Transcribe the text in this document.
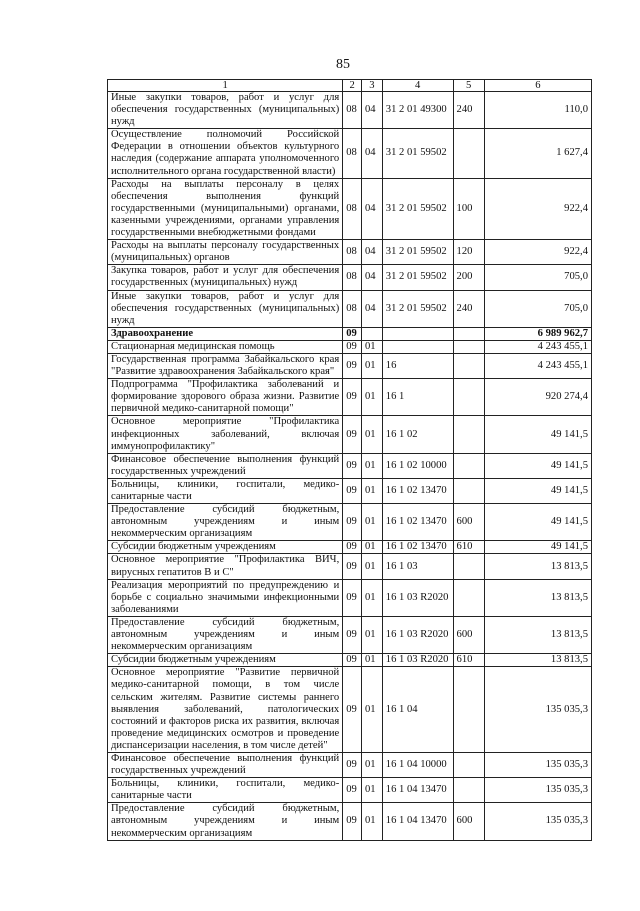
85
1	2	3	4	5	6
Иные закупки товаров, работ и услуг для обеспечения государственных (муниципальных) нужд	08	04	31 2 01 49300	240	110,0
Осуществление полномочий Российской Федерации в отношении объектов культурного наследия (содержание аппарата уполномоченного исполнительного органа государственной власти)	08	04	31 2 01 59502		1 627,4
Расходы на выплаты персоналу в целях обеспечения выполнения функций государственными (муниципальными) органами, казенными учреждениями, органами управления государственными внебюджетными фондами	08	04	31 2 01 59502	100	922,4
Расходы на выплаты персоналу государственных (муниципальных) органов	08	04	31 2 01 59502	120	922,4
Закупка товаров, работ и услуг для обеспечения государственных (муниципальных) нужд	08	04	31 2 01 59502	200	705,0
Иные закупки товаров, работ и услуг для обеспечения государственных (муниципальных) нужд	08	04	31 2 01 59502	240	705,0
Здравоохранение	09				6 989 962,7
Стационарная медицинская помощь	09	01			4 243 455,1
Государственная программа Забайкальского края "Развитие здравоохранения Забайкальского края"	09	01	16		4 243 455,1
Подпрограмма "Профилактика заболеваний и формирование здорового образа жизни. Развитие первичной медико-санитарной помощи"	09	01	16 1		920 274,4
Основное мероприятие "Профилактика инфекционных заболеваний, включая иммунопрофилактику"	09	01	16 1 02		49 141,5
Финансовое обеспечение выполнения функций государственных учреждений	09	01	16 1 02 10000		49 141,5
Больницы, клиники, госпитали, медико-санитарные части	09	01	16 1 02 13470		49 141,5
Предоставление субсидий бюджетным, автономным учреждениям и иным некоммерческим организациям	09	01	16 1 02 13470	600	49 141,5
Субсидии бюджетным учреждениям	09	01	16 1 02 13470	610	49 141,5
Основное мероприятие "Профилактика ВИЧ, вирусных гепатитов В и С"	09	01	16 1 03		13 813,5
Реализация мероприятий по предупреждению и борьбе с социально значимыми инфекционными заболеваниями	09	01	16 1 03 R2020		13 813,5
Предоставление субсидий бюджетным, автономным учреждениям и иным некоммерческим организациям	09	01	16 1 03 R2020	600	13 813,5
Субсидии бюджетным учреждениям	09	01	16 1 03 R2020	610	13 813,5
Основное мероприятие "Развитие первичной медико-санитарной помощи, в том числе сельским жителям. Развитие системы раннего выявления заболеваний, патологических состояний и факторов риска их развития, включая проведение медицинских осмотров и проведение диспансеризации населения, в том числе детей"	09	01	16 1 04		135 035,3
Финансовое обеспечение выполнения функций государственных учреждений	09	01	16 1 04 10000		135 035,3
Больницы, клиники, госпитали, медико-санитарные части	09	01	16 1 04 13470		135 035,3
Предоставление субсидий бюджетным, автономным учреждениям и иным некоммерческим организациям	09	01	16 1 04 13470	600	135 035,3
